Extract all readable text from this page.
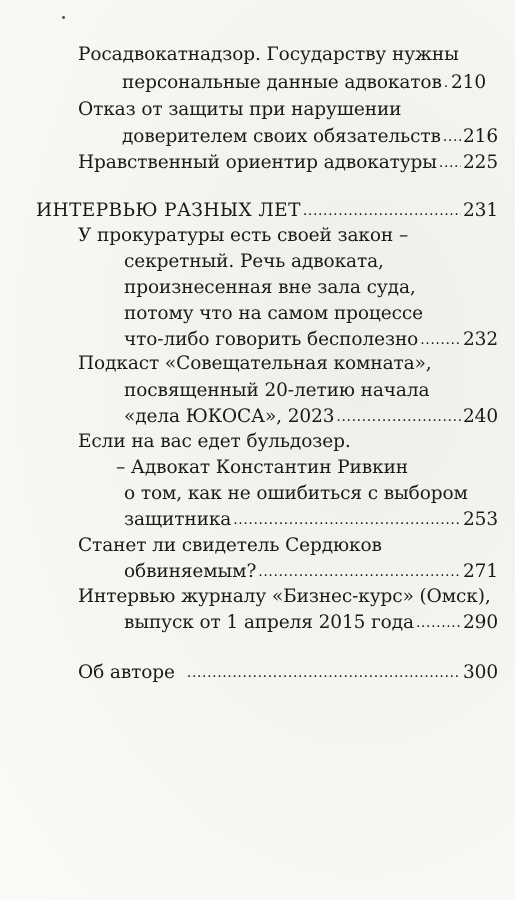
Росадвокатнадзор. Государству нужны
персональные данные адвокатов ..... 210
Отказ от защиты при нарушении
доверителем своих обязательств ..... 216
Нравственный ориентир адвокатуры ..... 225
ИНТЕРВЬЮ РАЗНЫХ ЛЕТ .....	231
У прокуратуры есть своей закон –
секретный. Речь адвоката,
произнесенная вне зала суда,
потому что на самом процессе
что-либо говорить бесполезно ..... 232
Подкаст «Совещательная комната»,
посвященный 20-летию начала
«дела ЮКОСА», 2023 .....	240
Если на вас едет бульдозер.
– Адвокат Константин Ривкин
о том, как не ошибиться с выбором
защитника .....	253
Станет ли свидетель Сердюков
обвиняемым? .....	271
Интервью журналу «Бизнес-курс» (Омск),
выпуск от 1 апреля 2015 года .....	290
Об авторе .....	300
